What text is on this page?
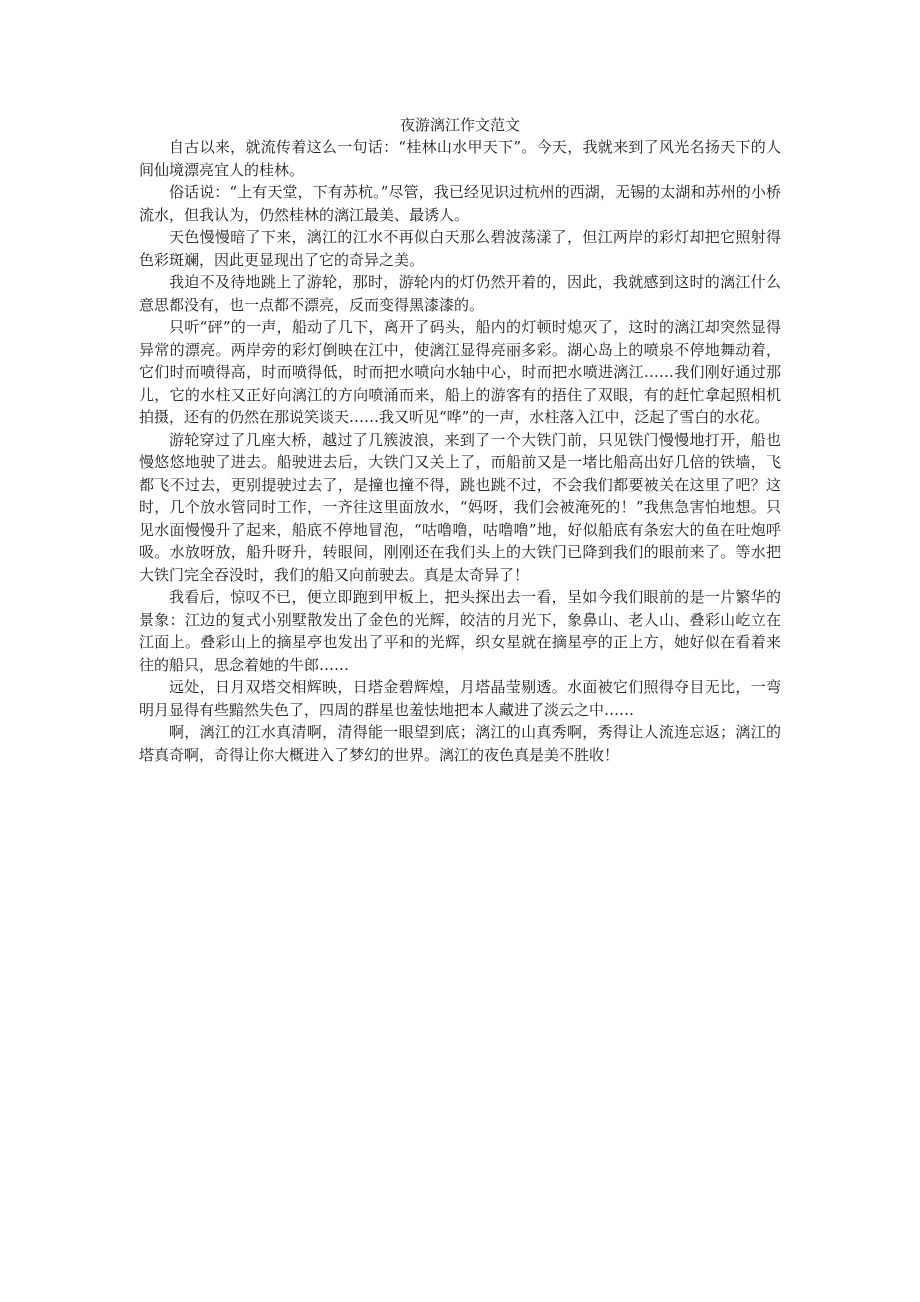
夜游漓江作文范文

自古以来，就流传着这么一句话：“桂林山水甲天下”。今天，我就来到了风光名扬天下的人间仙境漂亮宜人的桂林。

俗话说：“上有天堂，下有苏杭。”尽管，我已经见识过杭州的西湖，无锡的太湖和苏州的小桥流水，但我认为，仍然桂林的漓江最美、最诱人。

天色慢慢暗了下来，漓江的江水不再似白天那么碧波荡漾了，但江两岸的彩灯却把它照射得色彩斑斓，因此更显现出了它的奇异之美。

我迫不及待地跳上了游轮，那时，游轮内的灯仍然开着的，因此，我就感到这时的漓江什么意思都没有，也一点都不漂亮，反而变得黑漆漆的。

只听“砰”的一声，船动了几下，离开了码头，船内的灯顿时熄灭了，这时的漓江却突然显得异常的漂亮。两岸旁的彩灯倒映在江中，使漓江显得亮丽多彩。湖心岛上的喷泉不停地舞动着，它们时而喷得高，时而喷得低，时而把水喷向水轴中心，时而把水喷进漓江……我们刚好通过那儿，它的水柱又正好向漓江的方向喷涌而来，船上的游客有的捂住了双眼，有的赶忙拿起照相机拍摄，还有的仍然在那说笑谈天……我又听见“哗”的一声，水柱落入江中，泛起了雪白的水花。

游轮穿过了几座大桥，越过了几簇波浪，来到了一个大铁门前，只见铁门慢慢地打开，船也慢悠悠地驶了进去。船驶进去后，大铁门又关上了，而船前又是一堵比船高出好几倍的铁墙，飞都飞不过去，更别提驶过去了，是撞也撞不得，跳也跳不过，不会我们都要被关在这里了吧？这时，几个放水管同时工作，一齐往这里面放水，“妈呀，我们会被淹死的！”我焦急害怕地想。只见水面慢慢升了起来，船底不停地冒泡，“咕噜噜，咕噜噜”地，好似船底有条宏大的鱼在吐炮呼吸。水放呀放，船升呀升，转眼间，刚刚还在我们头上的大铁门已降到我们的眼前来了。等水把大铁门完全吞没时，我们的船又向前驶去。真是太奇异了！

我看后，惊叹不已，便立即跑到甲板上，把头探出去一看，呈如今我们眼前的是一片繁华的景象：江边的复式小别墅散发出了金色的光辉，皎洁的月光下，象鼻山、老人山、叠彩山屹立在江面上。叠彩山上的摘星亭也发出了平和的光辉，织女星就在摘星亭的正上方，她好似在看着来往的船只，思念着她的牛郎……

远处，日月双塔交相辉映，日塔金碧辉煌，月塔晶莹剔透。水面被它们照得夺目无比，一弯明月显得有些黯然失色了，四周的群星也羞怯地把本人藏进了淡云之中……

啊，漓江的江水真清啊，清得能一眼望到底；漓江的山真秀啊，秀得让人流连忘返；漓江的塔真奇啊，奇得让你大概进入了梦幻的世界。漓江的夜色真是美不胜收！
